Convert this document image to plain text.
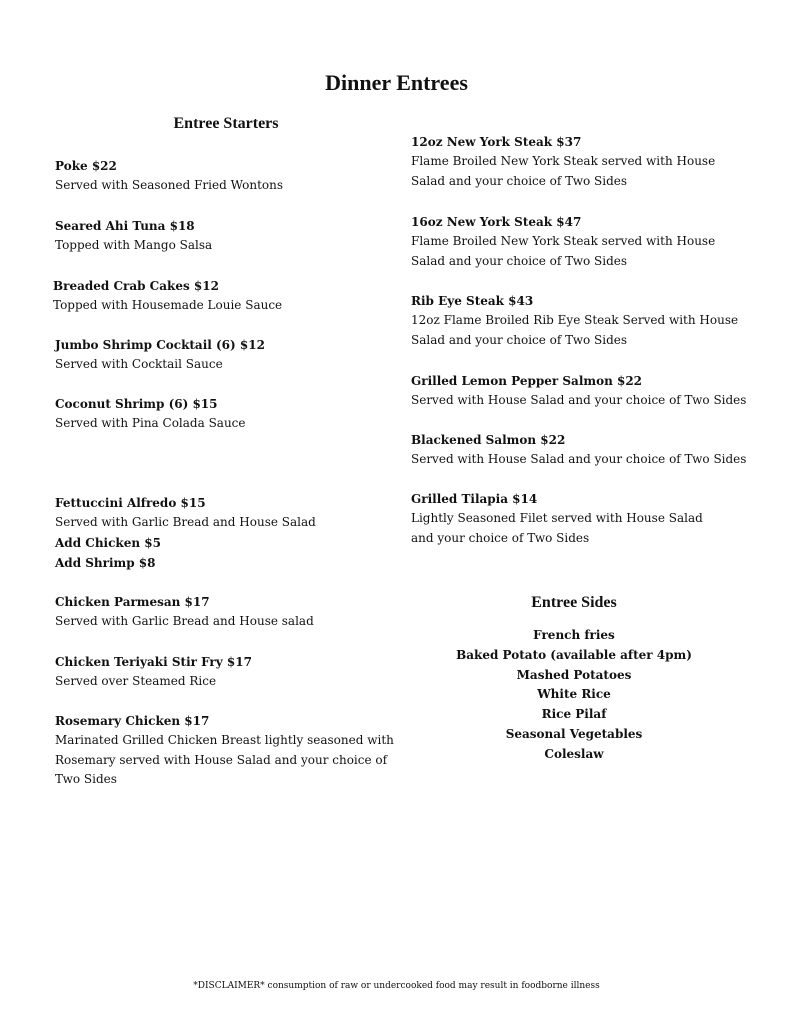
Dinner Entrees
Entree Starters
Poke $22
Served with Seasoned Fried Wontons
Seared Ahi Tuna $18
Topped with Mango Salsa
Breaded Crab Cakes $12
Topped with Housemade Louie Sauce
Jumbo Shrimp Cocktail (6) $12
Served with Cocktail Sauce
Coconut Shrimp (6) $15
Served with Pina Colada Sauce
Fettuccini Alfredo $15
Served with Garlic Bread and House Salad
Add Chicken $5
Add Shrimp $8
Chicken Parmesan $17
Served with Garlic Bread and House salad
Chicken Teriyaki Stir Fry $17
Served over Steamed Rice
Rosemary Chicken $17
Marinated Grilled Chicken Breast lightly seasoned with Rosemary served with House Salad and your choice of Two Sides
12oz New York Steak $37
Flame Broiled New York Steak served with House Salad and your choice of Two Sides
16oz New York Steak $47
Flame Broiled New York Steak served with House Salad and your choice of Two Sides
Rib Eye Steak $43
12oz Flame Broiled Rib Eye Steak Served with House Salad and your choice of Two Sides
Grilled Lemon Pepper Salmon $22
Served with House Salad and your choice of Two Sides
Blackened Salmon $22
Served with House Salad and your choice of Two Sides
Grilled Tilapia $14
Lightly Seasoned Filet served with House Salad and your choice of Two Sides
Entree Sides
French fries
Baked Potato (available after 4pm)
Mashed Potatoes
White Rice
Rice Pilaf
Seasonal Vegetables
Coleslaw

*DISCLAIMER* consumption of raw or undercooked food may result in foodborne illness
